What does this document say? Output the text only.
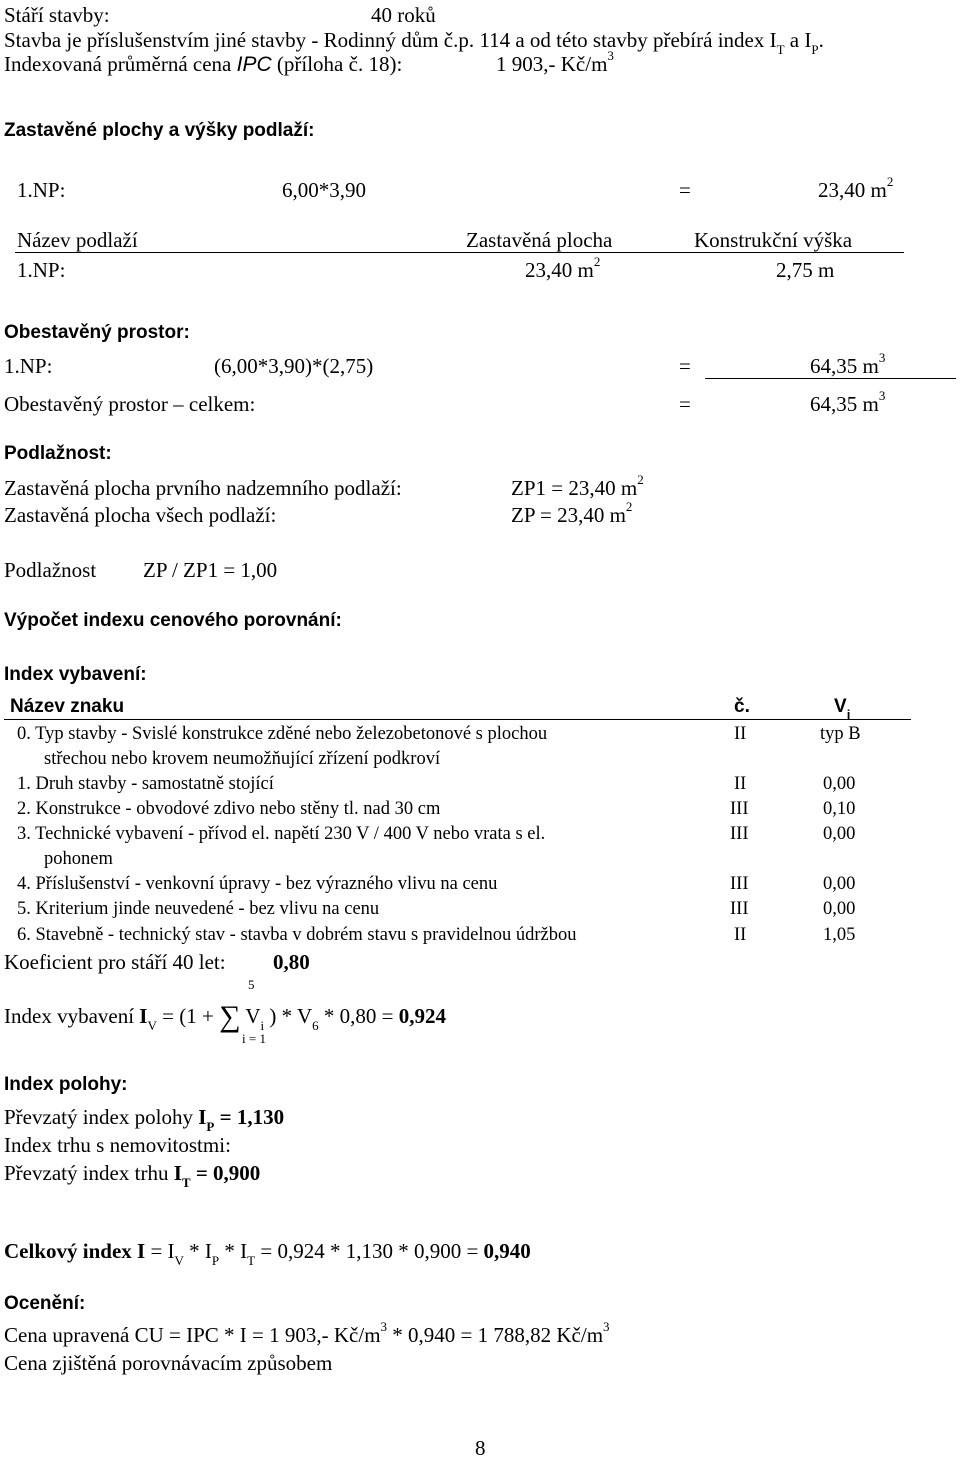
Stáří stavby:	40 roků
Stavba je příslušenstvím jiné stavby - Rodinný dům č.p. 114 a od této stavby přebírá index $I_T$ a $I_P$.
Indexovaná průměrná cena IPC (příloha č. 18):	1 903,- $Kč/m^3$
Zastavěné plochy a výšky podlaží:
1.NP:	6,00*3,90	=	23,40 $m^2$
Název podlaží	Zastavěná plocha	Konstrukční výška
1.NP:	23,40 $m^2$	2,75 m
Obestavěný prostor:
1.NP:	(6,00*3,90)*(2,75)	=	64,35 $m^3$
Obestavěný prostor – celkem:	=	64,35 $m^3$
Podlažnost:
Zastavěná plocha prvního nadzemního podlaží:	ZP1 = 23,40 $m^2$
Zastavěná plocha všech podlaží:	ZP = 23,40 $m^2$
Podlažnost ZP / ZP1 = 1,00
Výpočet indexu cenového porovnání:
Index vybavení:
Název znaku	č.	$V_i$
0. Typ stavby - Svislé konstrukce zděné nebo železobetonové s plochou
střechou nebo krovem neumožňující zřízení podkroví
II	typ B
1. Druh stavby - samostatně stojící	II	0,00
2. Konstrukce - obvodové zdivo nebo stěny tl. nad 30 cm	III	0,10
3. Technické vybavení - přívod el. napětí 230 V / 400 V nebo vrata s el.
pohonem
III	0,00
4. Příslušenství - venkovní úpravy - bez výrazného vlivu na cenu	III	0,00
5. Kriterium jinde neuvedené - bez vlivu na cenu	III	0,00
6. Stavebně - technický stav - stavba v dobrém stavu s pravidelnou údržbou	II	1,05
Koeficient pro stáří 40 let: 0,80
5
i = 1
Index vybavení $I_V = (1$ + ∑ $V_i$ ) * $V_6 * 0,80 = 0,924$
Index polohy:
Převzatý index polohy $I_P = 1,130$
Index trhu s nemovitostmi:
Převzatý index trhu $I_T = 0,900$
Celkový index $I = I_V * I_P * I_T = 0,924 * 1,130 * 0,900 = 0,940$
Ocenění:
Cena upravená CU = IPC * I = 1 903,- $Kč/m^3 * 0,940 = 1$ 788,82 $Kč/m^3$
Cena zjištěná porovnávacím způsobem
8
